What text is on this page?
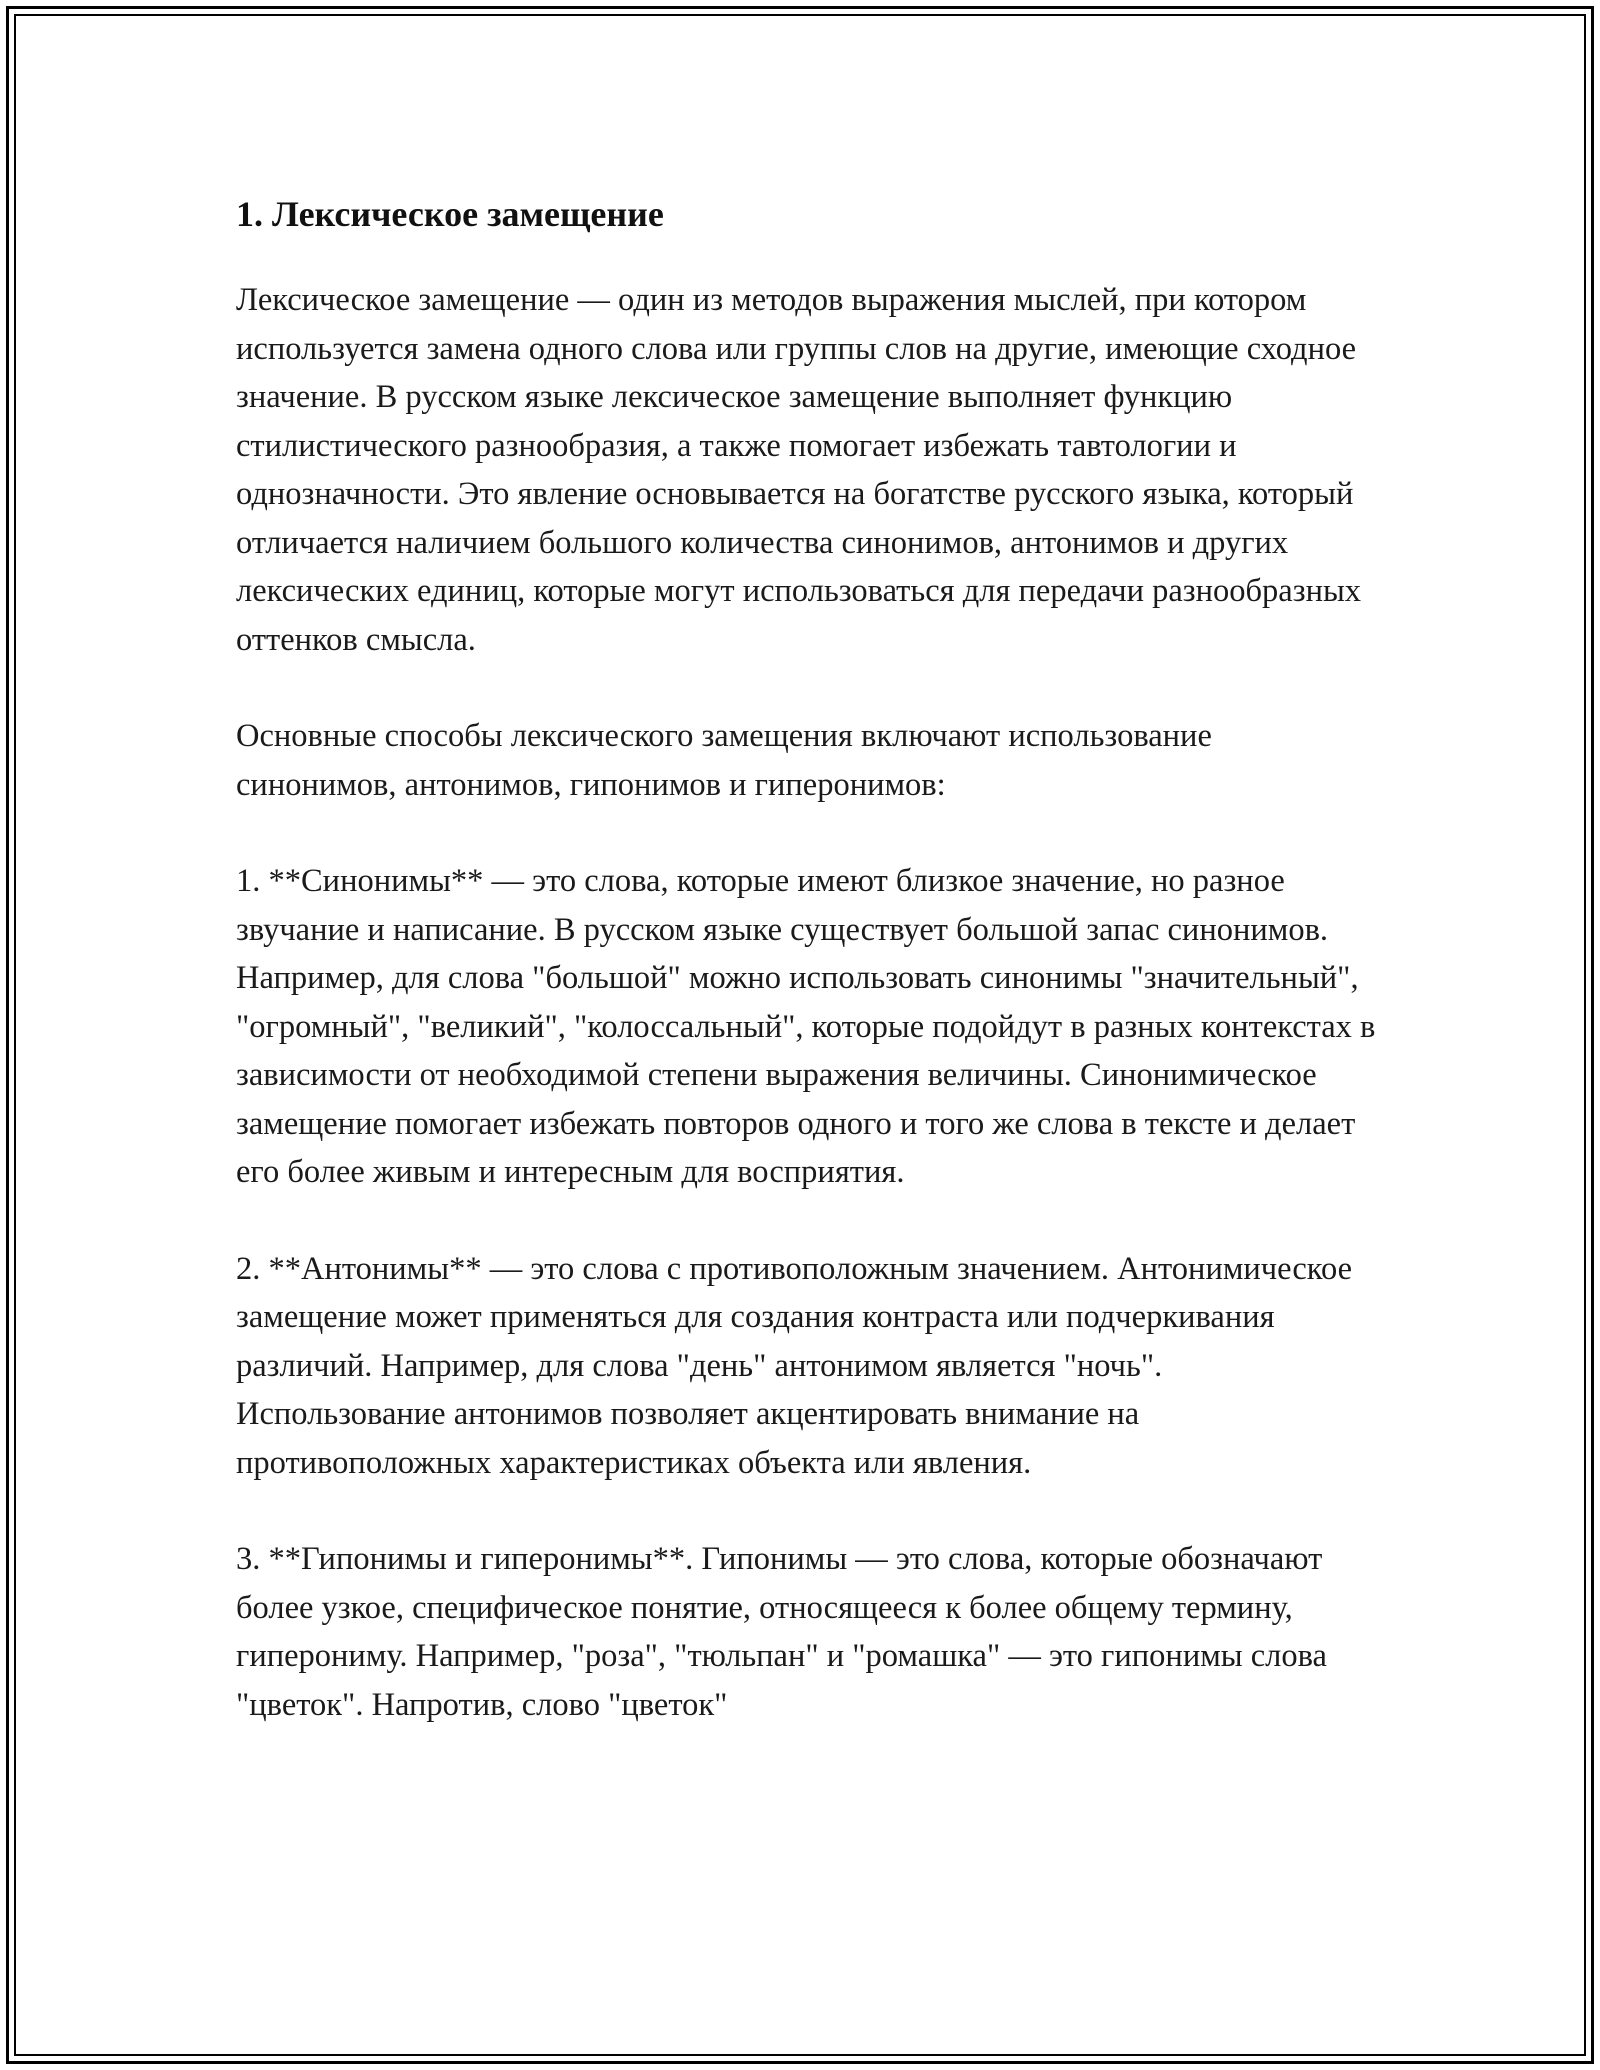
1. Лексическое замещение

Лексическое замещение — один из методов выражения мыслей, при котором используется замена одного слова или группы слов на другие, имеющие сходное значение. В русском языке лексическое замещение выполняет функцию стилистического разнообразия, а также помогает избежать тавтологии и однозначности. Это явление основывается на богатстве русского языка, который отличается наличием большого количества синонимов, антонимов и других лексических единиц, которые могут использоваться для передачи разнообразных оттенков смысла.

Основные способы лексического замещения включают использование синонимов, антонимов, гипонимов и гиперонимов:

1. **Синонимы** — это слова, которые имеют близкое значение, но разное звучание и написание. В русском языке существует большой запас синонимов. Например, для слова "большой" можно использовать синонимы "значительный", "огромный", "великий", "колоссальный", которые подойдут в разных контекстах в зависимости от необходимой степени выражения величины. Синонимическое замещение помогает избежать повторов одного и того же слова в тексте и делает его более живым и интересным для восприятия.

2. **Антонимы** — это слова с противоположным значением. Антонимическое замещение может применяться для создания контраста или подчеркивания различий. Например, для слова "день" антонимом является "ночь". Использование антонимов позволяет акцентировать внимание на противоположных характеристиках объекта или явления.

3. **Гипонимы и гиперонимы**. Гипонимы — это слова, которые обозначают более узкое, специфическое понятие, относящееся к более общему термину, гиперониму. Например, "роза", "тюльпан" и "ромашка" — это гипонимы слова "цветок". Напротив, слово "цветок"
